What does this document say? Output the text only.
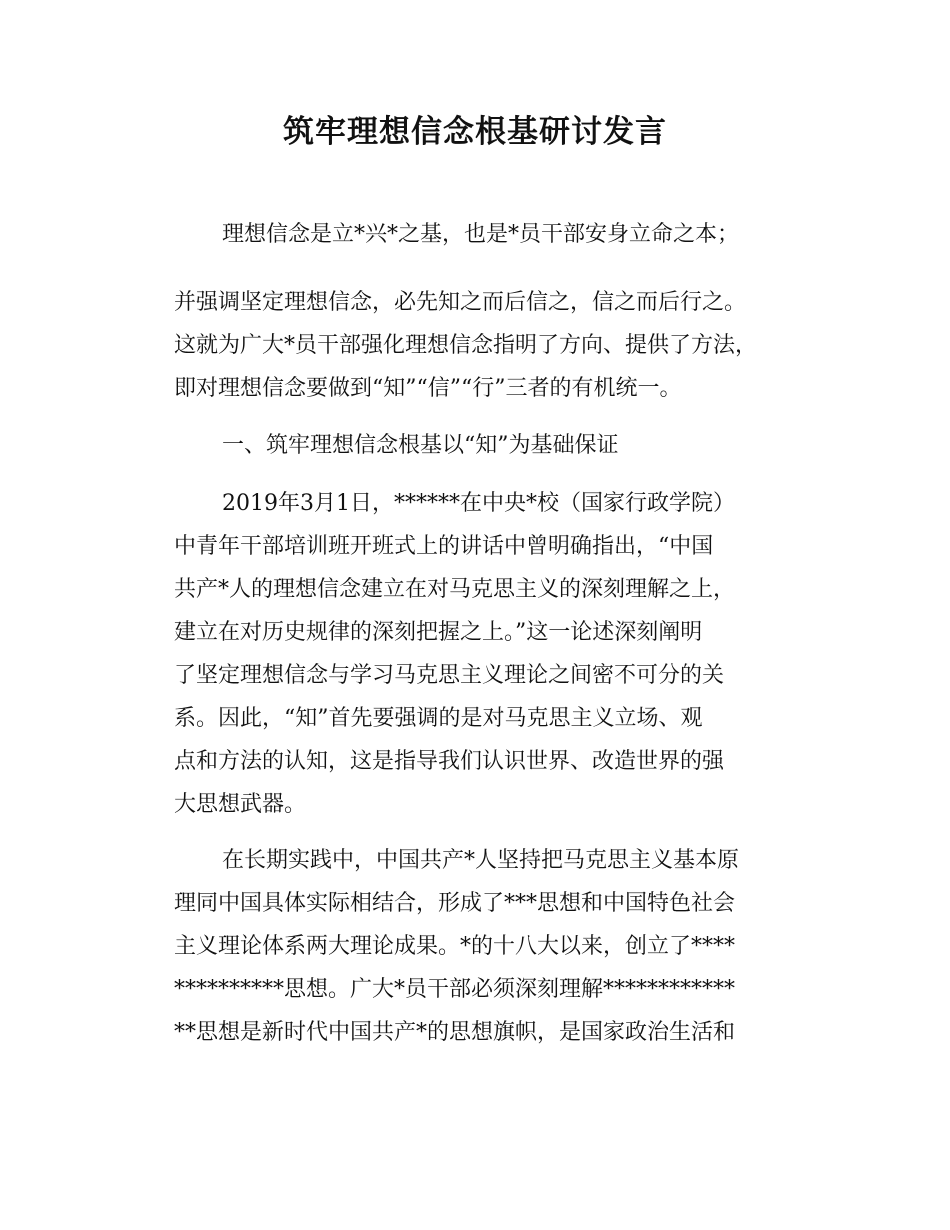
筑牢理想信念根基研讨发言
理想信念是立*兴*之基，也是*员干部安身立命之本；
并强调坚定理想信念，必先知之而后信之，信之而后行之。
这就为广大*员干部强化理想信念指明了方向、提供了方法，
即对理想信念要做到“知”“信”“行”三者的有机统一。
一、筑牢理想信念根基以“知”为基础保证
2019年3月1日，******在中央*校（国家行政学院）
中青年干部培训班开班式上的讲话中曾明确指出，“中国
共产*人的理想信念建立在对马克思主义的深刻理解之上，
建立在对历史规律的深刻把握之上。”这一论述深刻阐明
了坚定理想信念与学习马克思主义理论之间密不可分的关
系。因此，“知”首先要强调的是对马克思主义立场、观
点和方法的认知，这是指导我们认识世界、改造世界的强
大思想武器。
在长期实践中，中国共产*人坚持把马克思主义基本原
理同中国具体实际相结合，形成了***思想和中国特色社会
主义理论体系两大理论成果。*的十八大以来，创立了****
**********思想。广大*员干部必须深刻理解************
**思想是新时代中国共产*的思想旗帜，是国家政治生活和
